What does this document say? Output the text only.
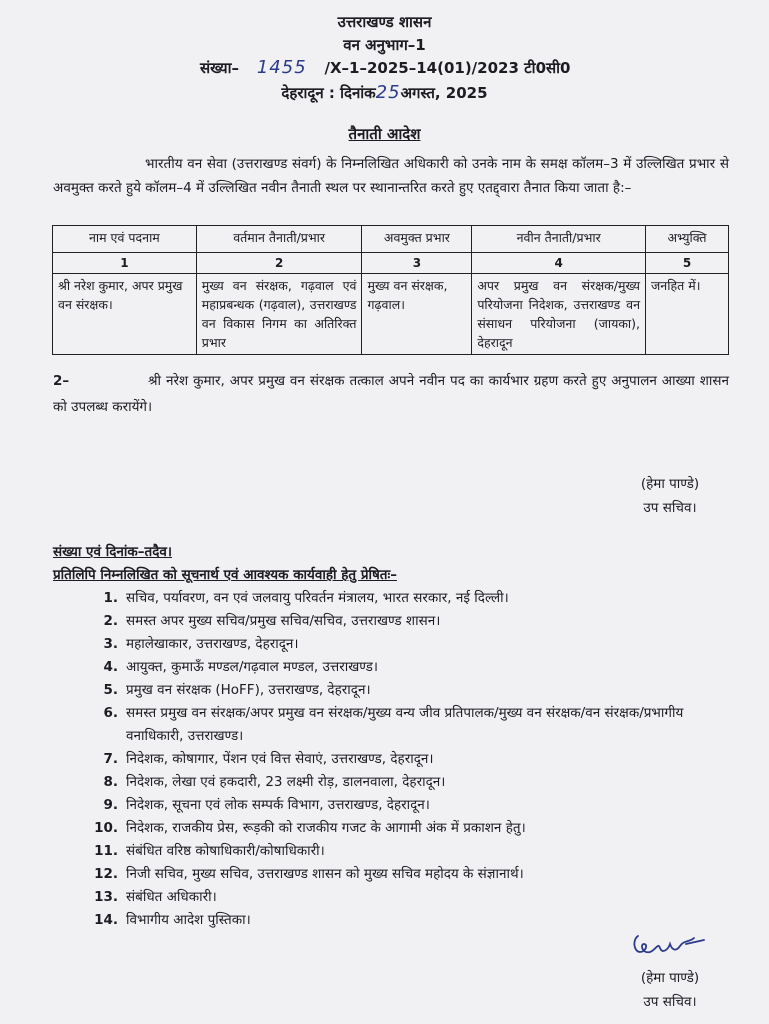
उत्तराखण्ड शासन
वन अनुभाग–1
संख्या– 1455 /X–1–2025–14(01)/2023 टी0सी0
देहरादून : दिनांक25अगस्त, 2025
तैनाती आदेश
भारतीय वन सेवा (उत्तराखण्ड संवर्ग) के निम्नलिखित अधिकारी को उनके नाम के समक्ष कॉलम–3 में उल्लिखित प्रभार से अवमुक्त करते हुये कॉलम–4 में उल्लिखित नवीन तैनाती स्थल पर स्थानान्तरित करते हुए एतद्द्वारा तैनात किया जाता है:–
नाम एवं पदनाम	वर्तमान तैनाती/प्रभार	अवमुक्त प्रभार	नवीन तैनाती/प्रभार	अभ्युक्ति
1	2	3	4	5
श्री नरेश कुमार, अपर प्रमुख वन संरक्षक।	मुख्य वन संरक्षक, गढ़वाल एवं महाप्रबन्धक (गढ़वाल), उत्तराखण्ड वन विकास निगम का अतिरिक्त प्रभार	मुख्य वन संरक्षक, गढ़वाल।	अपर प्रमुख वन संरक्षक/मुख्य परियोजना निदेशक, उत्तराखण्ड वन संसाधन परियोजना (जायका), देहरादून	जनहित में।
2–	श्री नरेश कुमार, अपर प्रमुख वन संरक्षक तत्काल अपने नवीन पद का कार्यभार ग्रहण करते हुए अनुपालन आख्या शासन को उपलब्ध करायेंगे।
(हेमा पाण्डे)
उप सचिव।
संख्या एवं दिनांक–तदैव।
प्रतिलिपि निम्नलिखित को सूचनार्थ एवं आवश्यक कार्यवाही हेतु प्रेषितः–
1. सचिव, पर्यावरण, वन एवं जलवायु परिवर्तन मंत्रालय, भारत सरकार, नई दिल्ली।
2. समस्त अपर मुख्य सचिव/प्रमुख सचिव/सचिव, उत्तराखण्ड शासन।
3. महालेखाकार, उत्तराखण्ड, देहरादून।
4. आयुक्त, कुमाऊँ मण्डल/गढ़वाल मण्डल, उत्तराखण्ड।
5. प्रमुख वन संरक्षक (HoFF), उत्तराखण्ड, देहरादून।
6. समस्त प्रमुख वन संरक्षक/अपर प्रमुख वन संरक्षक/मुख्य वन्य जीव प्रतिपालक/मुख्य वन संरक्षक/वन संरक्षक/प्रभागीय वनाधिकारी, उत्तराखण्ड।
7. निदेशक, कोषागार, पेंशन एवं वित्त सेवाएं, उत्तराखण्ड, देहरादून।
8. निदेशक, लेखा एवं हकदारी, 23 लक्ष्मी रोड़, डालनवाला, देहरादून।
9. निदेशक, सूचना एवं लोक सम्पर्क विभाग, उत्तराखण्ड, देहरादून।
10. निदेशक, राजकीय प्रेस, रूड़की को राजकीय गजट के आगामी अंक में प्रकाशन हेतु।
11. संबंधित वरिष्ठ कोषाधिकारी/कोषाधिकारी।
12. निजी सचिव, मुख्य सचिव, उत्तराखण्ड शासन को मुख्य सचिव महोदय के संज्ञानार्थ।
13. संबंधित अधिकारी।
14. विभागीय आदेश पुस्तिका।
(हेमा पाण्डे)
उप सचिव।
